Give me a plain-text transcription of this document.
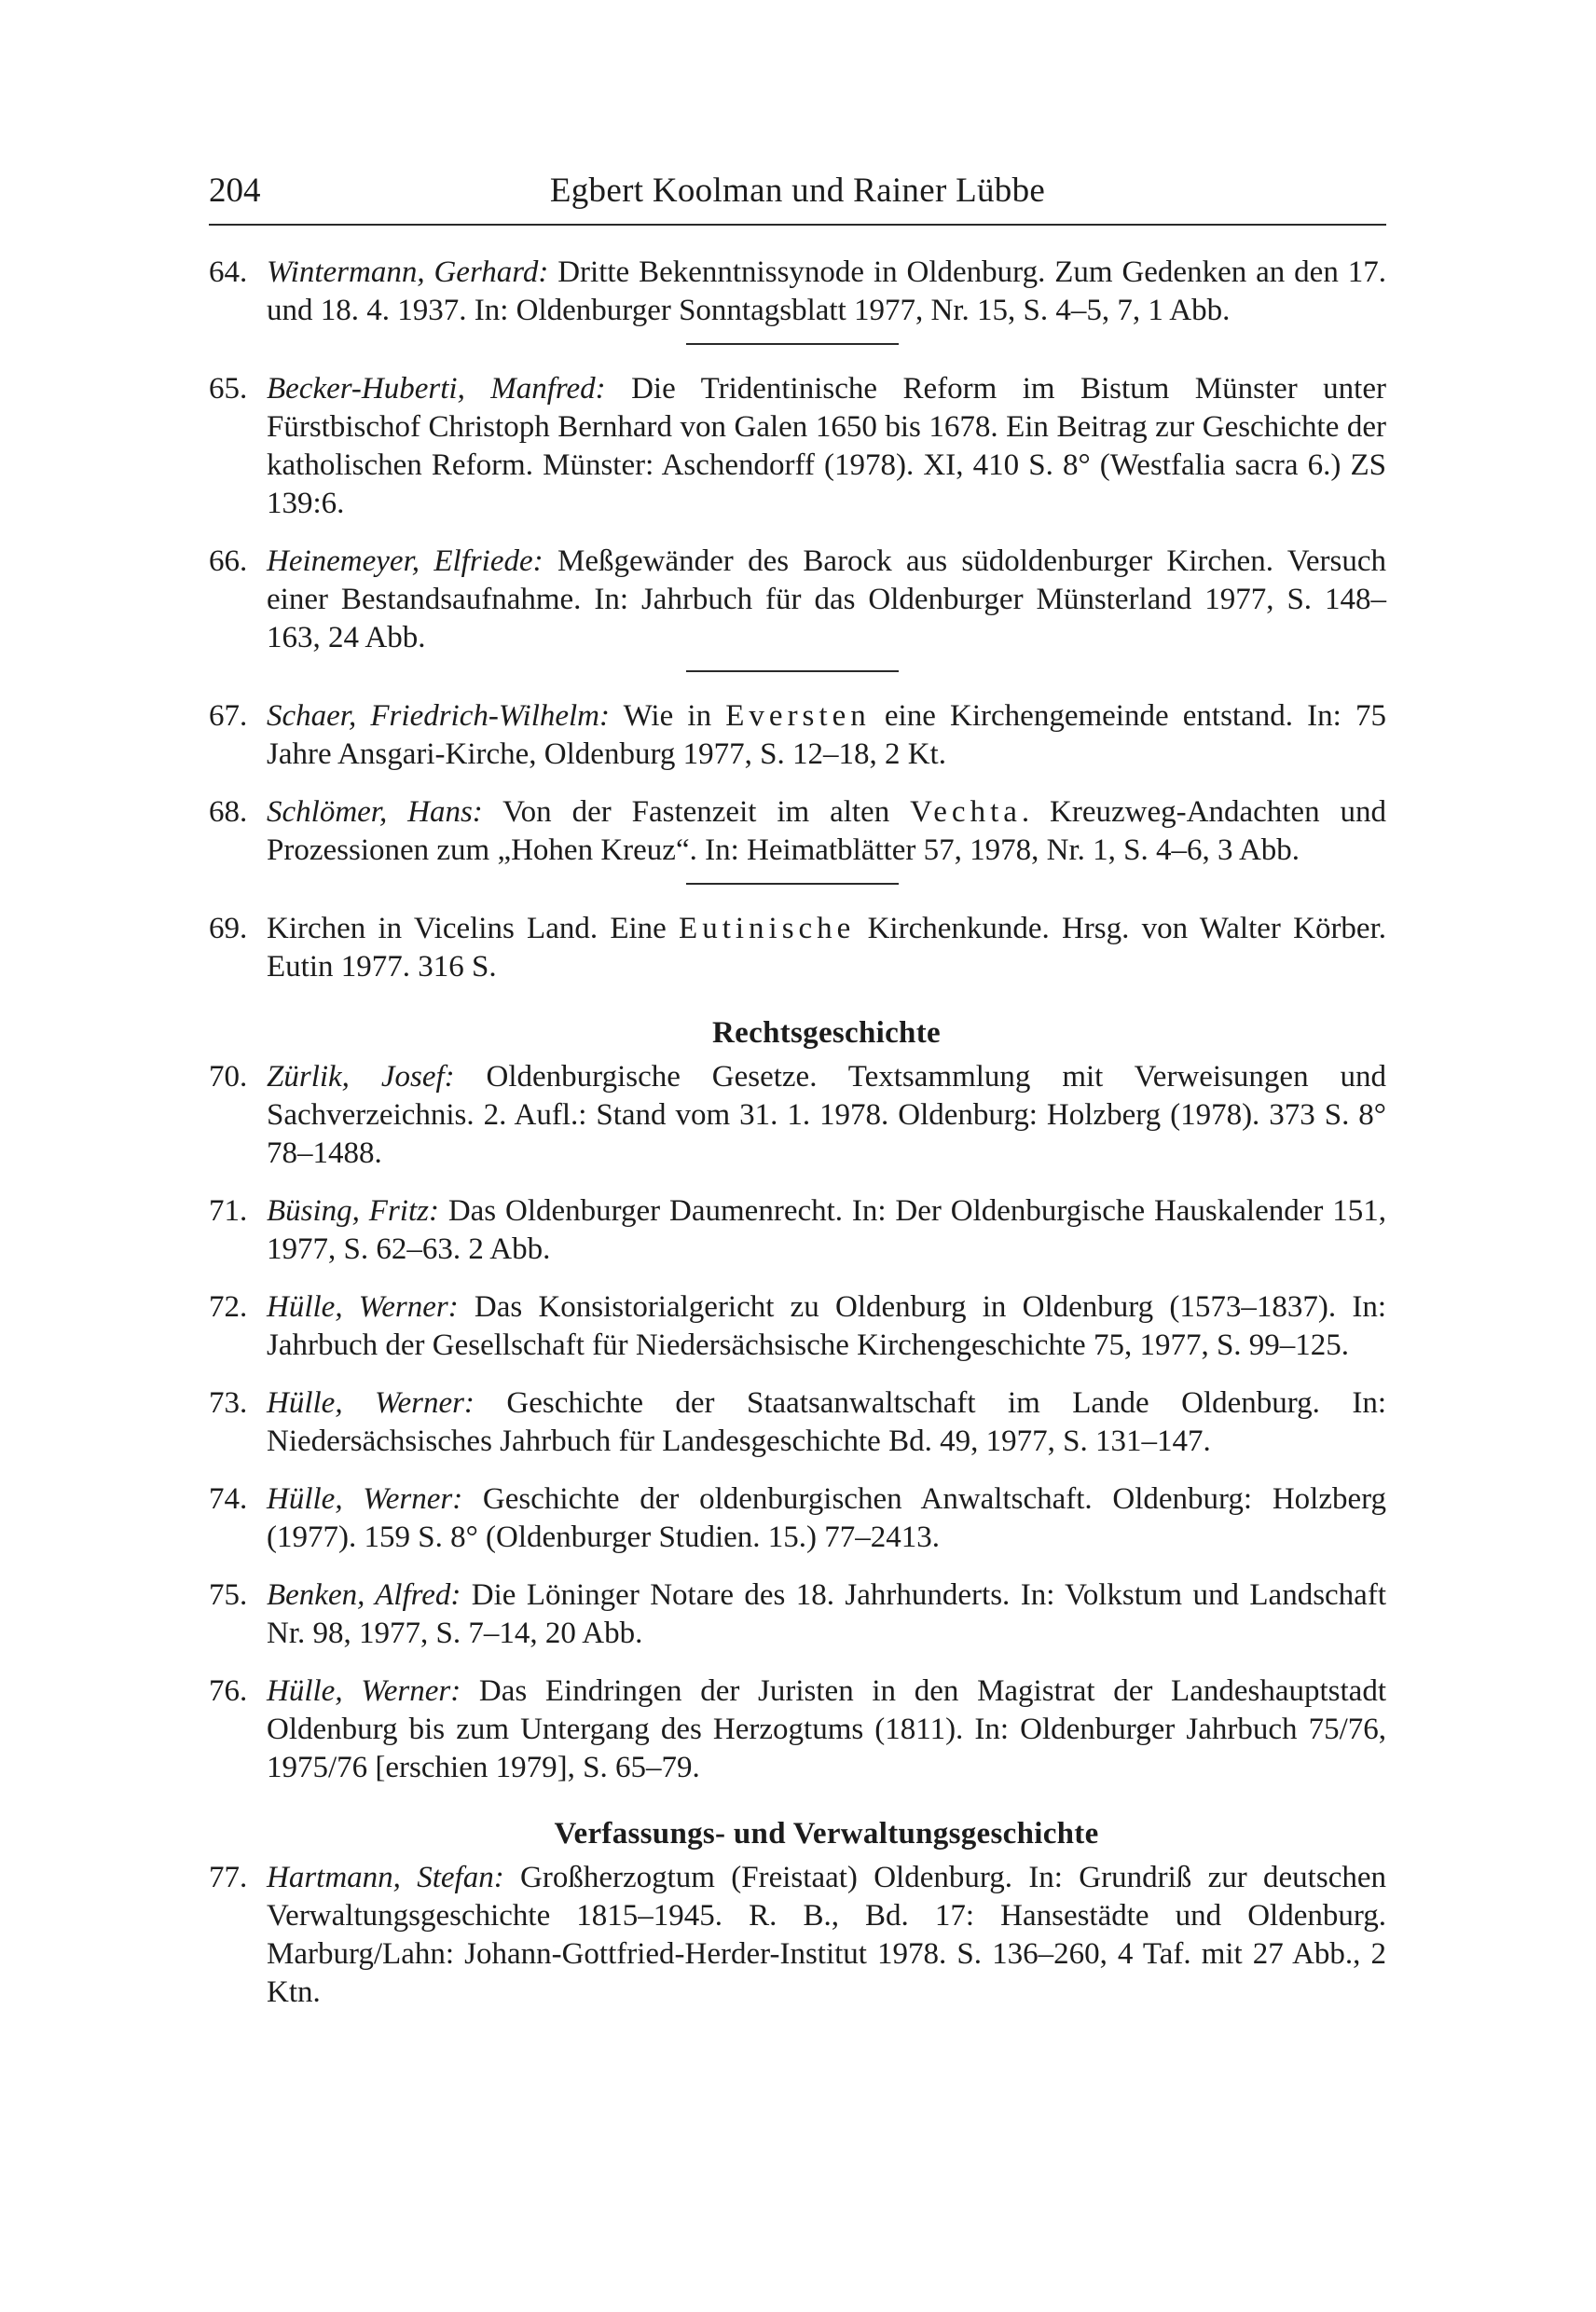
204	Egbert Koolman und Rainer Lübbe
64. Wintermann, Gerhard: Dritte Bekenntnissynode in Oldenburg. Zum Gedenken an den 17. und 18. 4. 1937. In: Oldenburger Sonntagsblatt 1977, Nr. 15, S. 4–5, 7, 1 Abb.
65. Becker-Huberti, Manfred: Die Tridentinische Reform im Bistum Münster unter Fürstbischof Christoph Bernhard von Galen 1650 bis 1678. Ein Beitrag zur Geschichte der katholischen Reform. Münster: Aschendorff (1978). XI, 410 S. 8° (Westfalia sacra 6.) ZS 139:6.
66. Heinemeyer, Elfriede: Meßgewänder des Barock aus südoldenburger Kirchen. Versuch einer Bestandsaufnahme. In: Jahrbuch für das Oldenburger Münsterland 1977, S. 148–163, 24 Abb.
67. Schaer, Friedrich-Wilhelm: Wie in Eversten eine Kirchengemeinde entstand. In: 75 Jahre Ansgari-Kirche, Oldenburg 1977, S. 12–18, 2 Kt.
68. Schlömer, Hans: Von der Fastenzeit im alten Vechta. Kreuzweg-Andachten und Prozessionen zum „Hohen Kreuz“. In: Heimatblätter 57, 1978, Nr. 1, S. 4–6, 3 Abb.
69. Kirchen in Vicelins Land. Eine Eutinische Kirchenkunde. Hrsg. von Walter Körber. Eutin 1977. 316 S.
Rechtsgeschichte
70. Zürlik, Josef: Oldenburgische Gesetze. Textsammlung mit Verweisungen und Sachverzeichnis. 2. Aufl.: Stand vom 31. 1. 1978. Oldenburg: Holzberg (1978). 373 S. 8° 78–1488.
71. Büsing, Fritz: Das Oldenburger Daumenrecht. In: Der Oldenburgische Hauskalender 151, 1977, S. 62–63. 2 Abb.
72. Hülle, Werner: Das Konsistorialgericht zu Oldenburg in Oldenburg (1573–1837). In: Jahrbuch der Gesellschaft für Niedersächsische Kirchengeschichte 75, 1977, S. 99–125.
73. Hülle, Werner: Geschichte der Staatsanwaltschaft im Lande Oldenburg. In: Niedersächsisches Jahrbuch für Landesgeschichte Bd. 49, 1977, S. 131–147.
74. Hülle, Werner: Geschichte der oldenburgischen Anwaltschaft. Oldenburg: Holzberg (1977). 159 S. 8° (Oldenburger Studien. 15.) 77–2413.
75. Benken, Alfred: Die Löninger Notare des 18. Jahrhunderts. In: Volkstum und Landschaft Nr. 98, 1977, S. 7–14, 20 Abb.
76. Hülle, Werner: Das Eindringen der Juristen in den Magistrat der Landeshauptstadt Oldenburg bis zum Untergang des Herzogtums (1811). In: Oldenburger Jahrbuch 75/76, 1975/76 [erschien 1979], S. 65–79.
Verfassungs- und Verwaltungsgeschichte
77. Hartmann, Stefan: Großherzogtum (Freistaat) Oldenburg. In: Grundriß zur deutschen Verwaltungsgeschichte 1815–1945. R. B., Bd. 17: Hansestädte und Oldenburg. Marburg/Lahn: Johann-Gottfried-Herder-Institut 1978. S. 136–260, 4 Taf. mit 27 Abb., 2 Ktn.
